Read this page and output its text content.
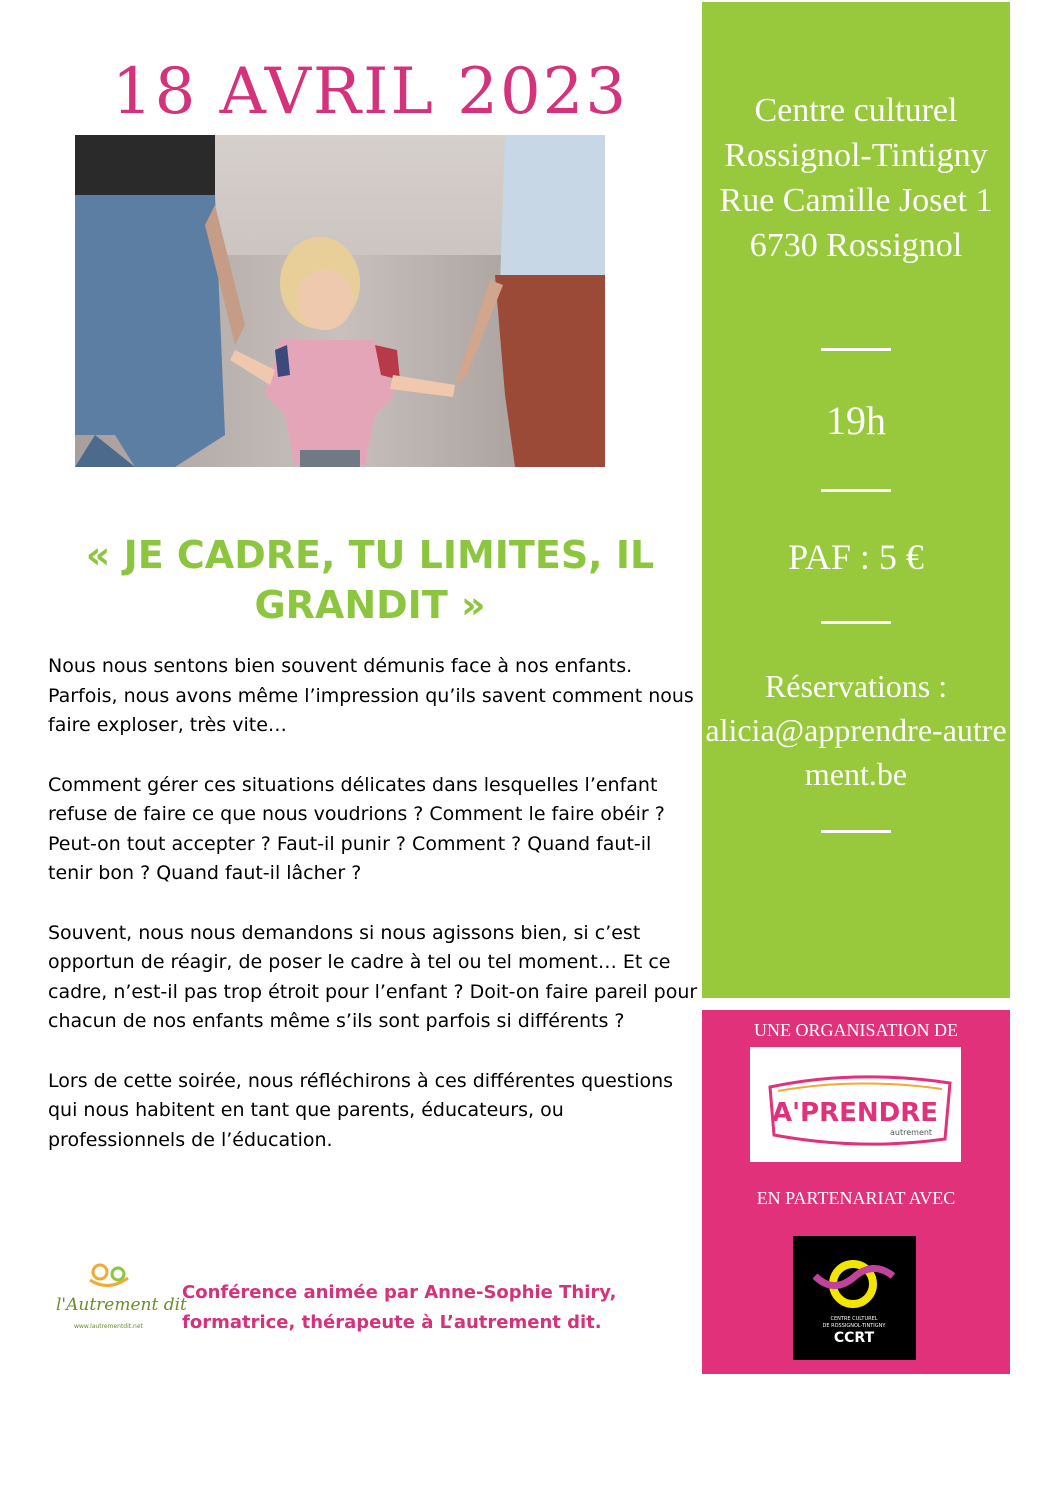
18 AVRIL 2023
« JE CADRE, TU LIMITES, IL GRANDIT »

Nous nous sentons bien souvent démunis face à nos enfants. Parfois, nous avons même l’impression qu’ils savent comment nous faire exploser, très vite…

Comment gérer ces situations délicates dans lesquelles l’enfant refuse de faire ce que nous voudrions ? Comment le faire obéir ? Peut-on tout accepter ? Faut-il punir ? Comment ? Quand faut-il tenir bon ? Quand faut-il lâcher ?

Souvent, nous nous demandons si nous agissons bien, si c’est opportun de réagir, de poser le cadre à tel ou tel moment… Et ce cadre, n’est-il pas trop étroit pour l’enfant ? Doit-on faire pareil pour chacun de nos enfants même s’ils sont parfois si différents ?

Lors de cette soirée, nous réfléchirons à ces différentes questions qui nous habitent en tant que parents, éducateurs, ou professionnels de l’éducation.

l'Autrement dit
www.lautrementdit.net
Conférence animée par Anne-Sophie Thiry,
formatrice, thérapeute à L’autrement dit.
Centre culturel Rossignol-Tintigny Rue Camille Joset 1 6730 Rossignol
19h
PAF : 5 €
Réservations :
alicia@apprendre-autrement.be
UNE ORGANISATION DE
A'PRENDRE
autrement
EN PARTENARIAT AVEC
CENTRE CULTUREL
DE ROSSIGNOL-TINTIGNY
CCRT
